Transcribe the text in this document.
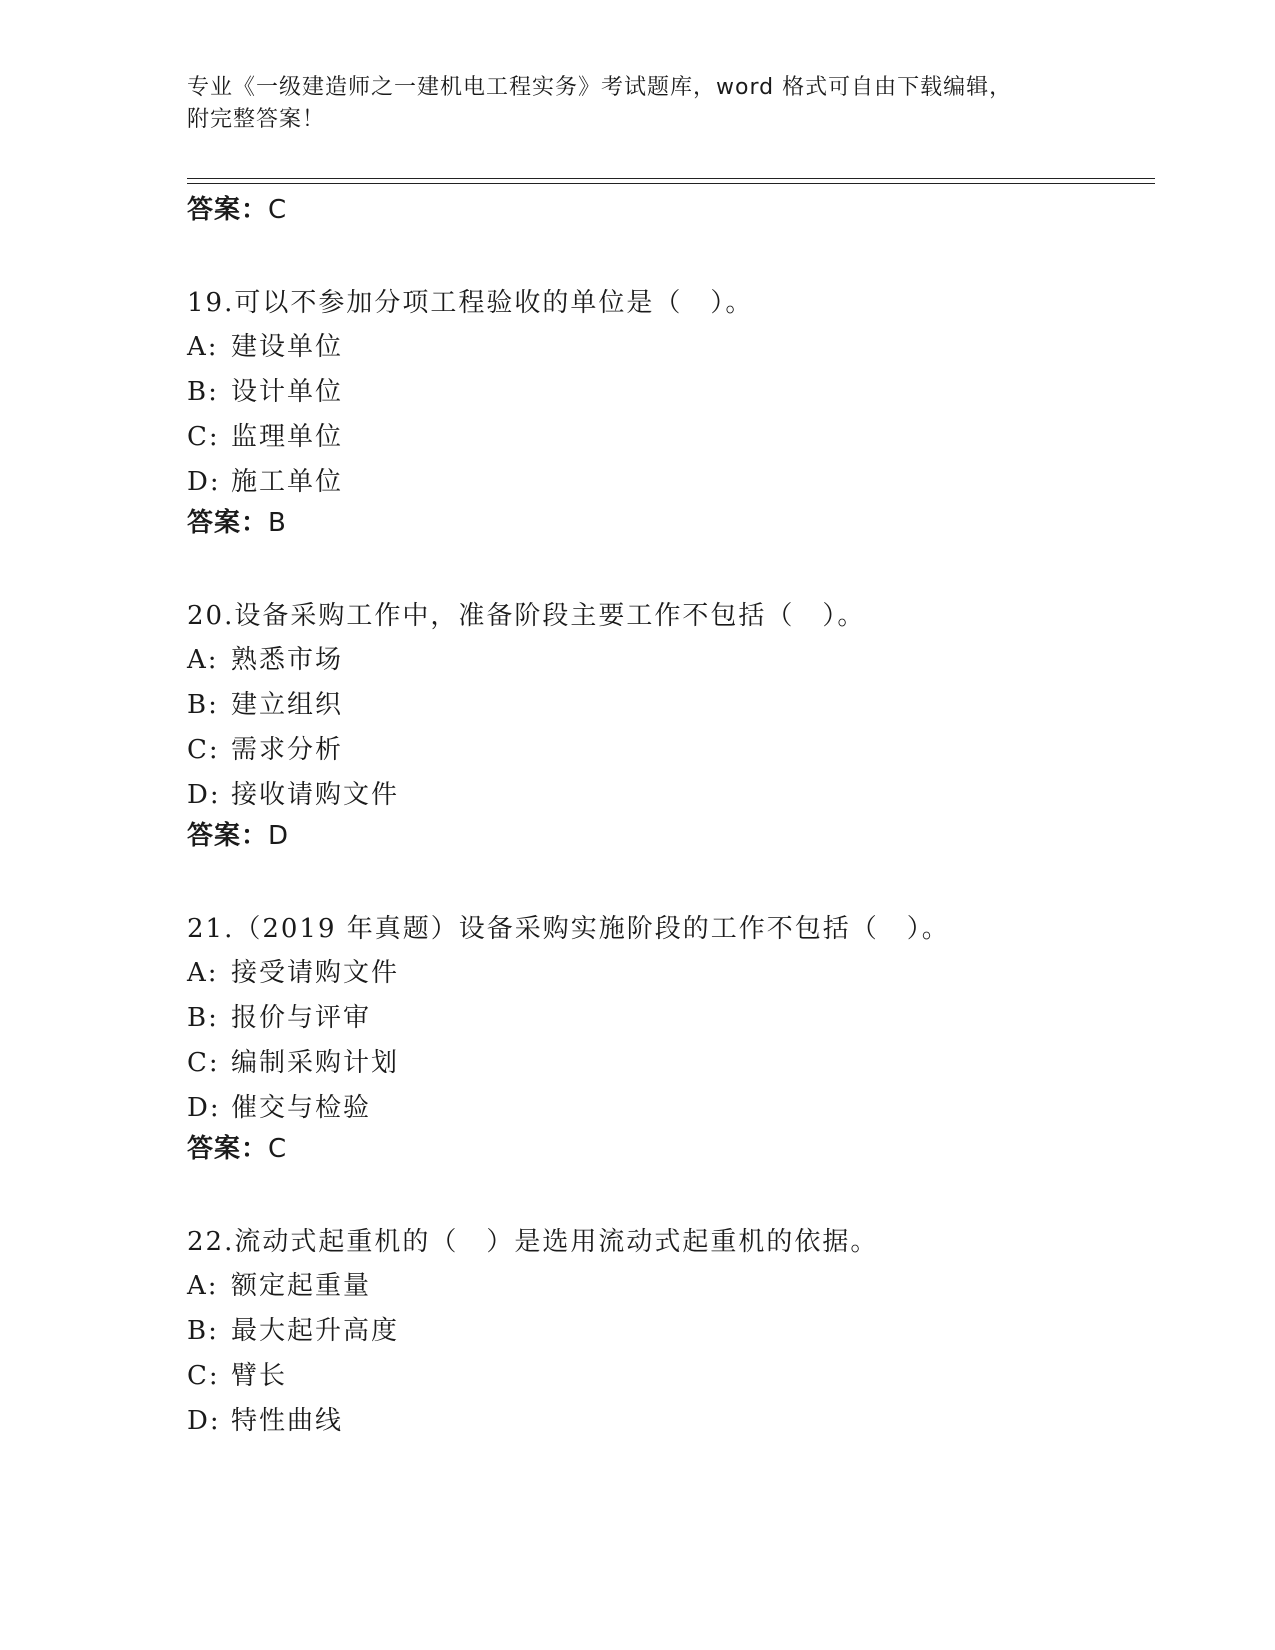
专业《一级建造师之一建机电工程实务》考试题库，word 格式可自由下载编辑，
附完整答案！
答案：C
19.可以不参加分项工程验收的单位是（　）。
A: 建设单位
B: 设计单位
C: 监理单位
D: 施工单位
答案：B
20.设备采购工作中，准备阶段主要工作不包括（　）。
A: 熟悉市场
B: 建立组织
C: 需求分析
D: 接收请购文件
答案：D
21.（2019 年真题）设备采购实施阶段的工作不包括（　）。
A: 接受请购文件
B: 报价与评审
C: 编制采购计划
D: 催交与检验
答案：C
22.流动式起重机的（　）是选用流动式起重机的依据。
A: 额定起重量
B: 最大起升高度
C: 臂长
D: 特性曲线
